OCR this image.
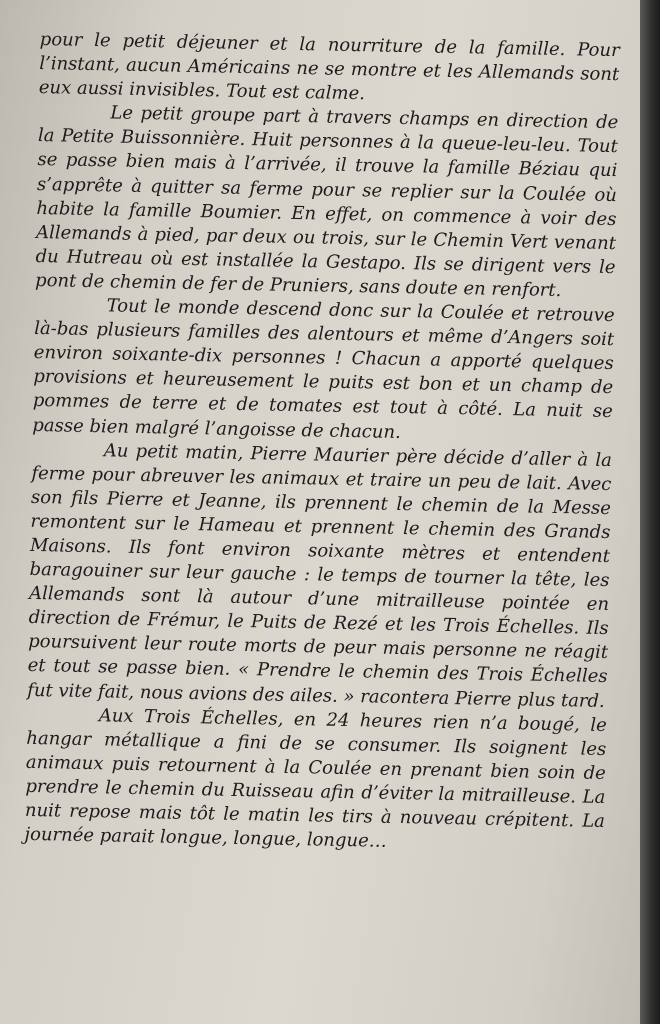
pour le petit déjeuner et la nourriture de la famille. Pour l’instant, aucun Américains ne se montre et les Allemands sont eux aussi invisibles. Tout est calme.

Le petit groupe part à travers champs en direction de la Petite Buissonnière. Huit personnes à la queue-leu-leu. Tout se passe bien mais à l’arrivée, il trouve la famille Béziau qui s’apprête à quitter sa ferme pour se replier sur la Coulée où habite la famille Boumier. En effet, on commence à voir des Allemands à pied, par deux ou trois, sur le Chemin Vert venant du Hutreau où est installée la Gestapo. Ils se dirigent vers le pont de chemin de fer de Pruniers, sans doute en renfort.

Tout le monde descend donc sur la Coulée et retrouve là-bas plusieurs familles des alentours et même d’Angers soit environ soixante-dix personnes ! Chacun a apporté quelques provisions et heureusement le puits est bon et un champ de pommes de terre et de tomates est tout à côté. La nuit se passe bien malgré l’angoisse de chacun.

Au petit matin, Pierre Maurier père décide d’aller à la ferme pour abreuver les animaux et traire un peu de lait. Avec son fils Pierre et Jeanne, ils prennent le chemin de la Messe remontent sur le Hameau et prennent le chemin des Grands Maisons. Ils font environ soixante mètres et entendent baragouiner sur leur gauche : le temps de tourner la tête, les Allemands sont là autour d’une mitrailleuse pointée en direction de Frémur, le Puits de Rezé et les Trois Échelles. Ils poursuivent leur route morts de peur mais personne ne réagit et tout se passe bien. « Prendre le chemin des Trois Échelles fut vite fait, nous avions des ailes. » racontera Pierre plus tard.

Aux Trois Échelles, en 24 heures rien n’a bougé, le hangar métallique a fini de se consumer. Ils soignent les animaux puis retournent à la Coulée en prenant bien soin de prendre le chemin du Ruisseau afin d’éviter la mitrailleuse. La nuit repose mais tôt le matin les tirs à nouveau crépitent. La journée parait longue, longue, longue…
